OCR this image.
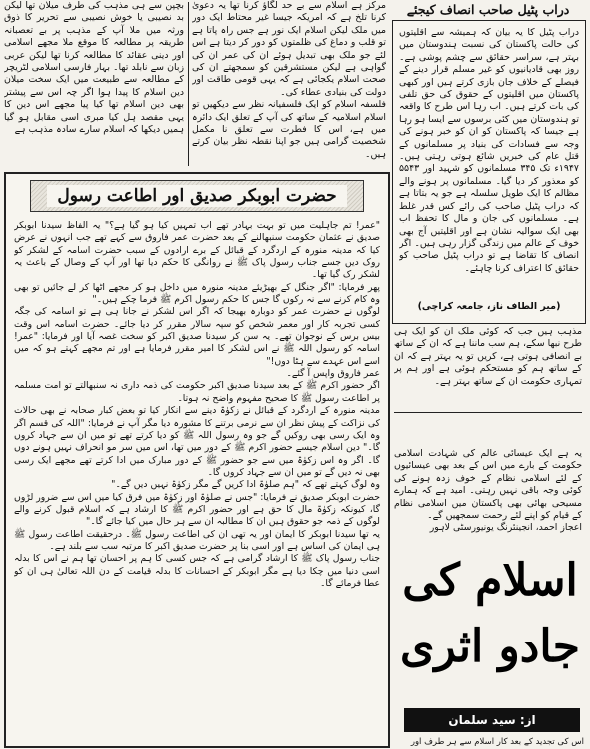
بچپن سے ہی مذہب کی طرف میلان تھا لیکن بد نصیبی یا خوش نصیبی سے تحریر کا ذوق ورثہ میں ملا آپ کے مذہب پر بے تعصبانہ طریقہ پر مطالعہ کا موقع ملا مجھے اسلامی اور دینی عقائد کا مطالعہ کرنا تھا لیکن عربی زبان سے نابلد تھا۔ بہار فارسی اسلامی لٹریچر کے مطالعہ سے طبیعت میں ایک سخت میلان دین اسلام کا پیدا ہوا اگر چہ اس سے پیشتر بھی دین اسلام تھا کیا پیا مجھے اس دین کا یہی مقصد ہل کیا مبری اسی مقابل ہو گیا ہمیں دیکھا کہ اسلام سارے سادہ مذہب ہے
مرکز ہے اسلام سے بے حد لگاؤ کرنا تھا یہ دعویٰ کرنا تلخ ہے کہ امریکہ جیسا غیر محتاط ایک دور میں ملک لیکن اسلام ایک نور ہے جس راہ پاتا ہے تو قلب و دماغ کی ظلمتوں کو دور کر دیتا ہے اس لئے جو ملک بھی تبدیل ہوئے ان کی عمر ان کی گواہی ہے لیکن مستشرقین کو سمجھتے ان کی صحت اسلام یکجائی ہے کہ یہی قومی طاقت اور دولت کی بنیادی عطاء کی۔
فلسفہ اسلام کو ایک فلسفیانہ نظر سے دیکھیں تو اسلام اسلامیہ کے ساتھ کی آپ کے تعلق ایک دائرہ میں ہے، اس کا فطرت سے تعلق نا مکمل شخصیت گرامی ہیں جو اپنا نقطہ نظر بیان کرتے ہیں۔
دراب پٹیل صاحب انصاف کیجئے
دراب پٹیل کا یہ بیان کہ ہمیشہ سے اقلیتوں کی حالت پاکستان کی نسبت ہندوستان میں بہتر ہے، سراسر حقائق سے چشم پوشی ہے۔ روز بھی قادیانیوں کو غیر مسلم قرار دینے کے فیصلے کے خلاف جان بازی کرتے ہیں اور کبھی پاکستان میں اقلیتوں کے حقوق کی حق تلفی کی بات کرتے ہیں۔ اب رہا اس طرح کا واقعہ تو ہندوستان میں کئی برسوں سے ایسا ہو رہا ہے جیسا کہ پاکستان کو ان کو خبر ہونے کی وجہ سے فسادات کی بنیاد پر مسلمانوں کے قتل عام کی خبریں شائع ہوتی رہتی ہیں۔ ۱۹۴۷ء تک ۳۴۵ مسلمانوں کو شہید اور ۵۵۴۳ کو معذور کر دیا گیا۔ مسلمانوں پر ہونے والے مظالم کا ایک طویل سلسلہ ہے جو یہ بتاتا ہے کہ دراب پٹیل صاحب کی رائے کس قدر غلط ہے۔ مسلمانوں کی جان و مال کا تحفظ اب بھی ایک سوالیہ نشان ہے اور اقلیتیں آج بھی خوف کے عالم میں زندگی گزار رہی ہیں۔ اگر انصاف کا تقاضا ہے تو دراب پٹیل صاحب کو حقائق کا اعتراف کرنا چاہئے۔
(میر الطاف ناز، جامعہ کراچی)
حضرت ابوبکر صدیق اور اطاعت رسول
"عمر! تم جاہلیت میں تو بہت بہادر تھے اب تمہیں کیا ہو گیا ہے؟" یہ الفاظ سیدنا ابوبکر صدیق نے عثمان حکومت سنبھالنے کے بعد حضرت عمر فاروق سے کہے تھے جب انہوں نے عرض کیا کہ مدینہ منورہ کے اردگرد کے قبائل کے برے ارادوں کے سبب حضرت اسامہ کے لشکر کو روک دیں جسے جناب رسول پاک ﷺ نے روانگی کا حکم دیا تھا اور آپ کے وصال کے باعث یہ لشکر رک گیا تھا۔
پھر فرمایا: "اگر جنگل کے بھیڑیئے مدینہ منورہ میں داخل ہو کر مجھے اٹھا کر لے جائیں تو بھی وہ کام کرنے سے نہ رکوں گا جس کا حکم رسول اکرم ﷺ فرما چکے ہیں۔"
لوگوں نے حضرت عمر کو دوبارہ بھیجا کہ اگر اس لشکر نے جانا ہی ہے تو اسامہ کی جگہ کسی تجربہ کار اور معمر شخص کو سپہ سالار مقرر کر دیا جائے۔ حضرت اسامہ اس وقت بیس برس کے نوجوان تھے۔ یہ سن کر سیدنا صدیق اکبر کو سخت غصہ آیا اور فرمایا: "عمر! اسامہ کو رسول اللہ ﷺ نے اس لشکر کا امیر مقرر فرمایا ہے اور تم مجھے کہتے ہو کہ میں اسے اس عہدے سے ہٹا دوں!"
عمر فاروق واپس آ گئے۔
اگر حضور اکرم ﷺ کے بعد سیدنا صدیق اکبر حکومت کی ذمہ داری نہ سنبھالتے تو امت مسلمہ پر اطاعت رسول ﷺ کا صحیح مفہوم واضح نہ ہوتا۔
مدینہ منورہ کے اردگرد کے قبائل نے زکوٰۃ دینے سے انکار کیا تو بعض کبار صحابہ نے بھی حالات کی نزاکت کے پیش نظر ان سے نرمی برتنے کا مشورہ دیا مگر آپ نے فرمایا: "اللہ کی قسم اگر وہ ایک رسی بھی روکیں گے جو وہ رسول اللہ ﷺ کو دیا کرتے تھے تو میں ان سے جہاد کروں گا۔" دین اسلام جیسے حضور اکرم ﷺ کے دور میں تھا، اس میں سر مو انحراف نہیں ہونے دوں گا۔ اگر وہ اس زکوٰۃ میں سے جو حضور ﷺ کے دور مبارک میں ادا کرتے تھے مجھے ایک رسی بھی نہ دیں گے تو میں ان سے جہاد کروں گا۔
وہ لوگ کہتے تھے کہ "ہم صلوٰۃ ادا کریں گے مگر زکوٰۃ نہیں دیں گے۔"
حضرت ابوبکر صدیق نے فرمایا: "جس نے صلوٰۃ اور زکوٰۃ میں فرق کیا میں اس سے ضرور لڑوں گا، کیونکہ زکوٰۃ مال کا حق ہے اور حضور اکرم ﷺ کا ارشاد ہے کہ اسلام قبول کرنے والے لوگوں کے ذمہ جو حقوق ہیں ان کا مطالبہ ان سے ہر حال میں کیا جائے گا۔"
یہ تھا سیدنا ابوبکر کا ایمان اور یہ تھی ان کی اطاعت رسول ﷺ۔ درحقیقت اطاعت رسول ﷺ ہی ایمان کی اساس ہے اور اسی بنا پر حضرت صدیق اکبر کا مرتبہ سب سے بلند ہے۔
جناب رسول پاک ﷺ کا ارشاد گرامی ہے کہ جس کسی کا ہم پر احسان تھا ہم نے اس کا بدلہ اسی دنیا میں چکا دیا ہے مگر ابوبکر کے احسانات کا بدلہ قیامت کے دن اللہ تعالیٰ ہی ان کو عطا فرمائے گا۔
مذہب ہیں جب کہ کوئی ملک ان کو ایک ہی طرح نبھا سکے، ہم سب ماننا ہے کہ ان کے ساتھ بے انصافی ہوتی ہے، کریں تو یہ بہتر ہے کہ ان کے ساتھ ہم کو مستحکم ہوئی ہے اور ہم پر تمہاری حکومت ان کے ساتھ بہتر ہے۔
یہ ہے ایک عیسائی عالم کی شہادت اسلامی حکومت کے بارے میں اس کے بعد بھی عیسائیوں کے لئے اسلامی نظام کے خوف زدہ ہونے کی کوئی وجہ باقی نہیں رہتی۔ امید ہے کہ ہمارے مسیحی بھائی بھی پاکستان میں اسلامی نظام کے قیام کو اپنے لئے رحمت سمجھیں گے۔
اعجاز احمد، انجینئرنگ یونیورسٹی لاہور
اسلام کی
جادو اثری
از: سید سلمان
اس کی تجدید کے بعد کار اسلام سے ہر طرف اور
